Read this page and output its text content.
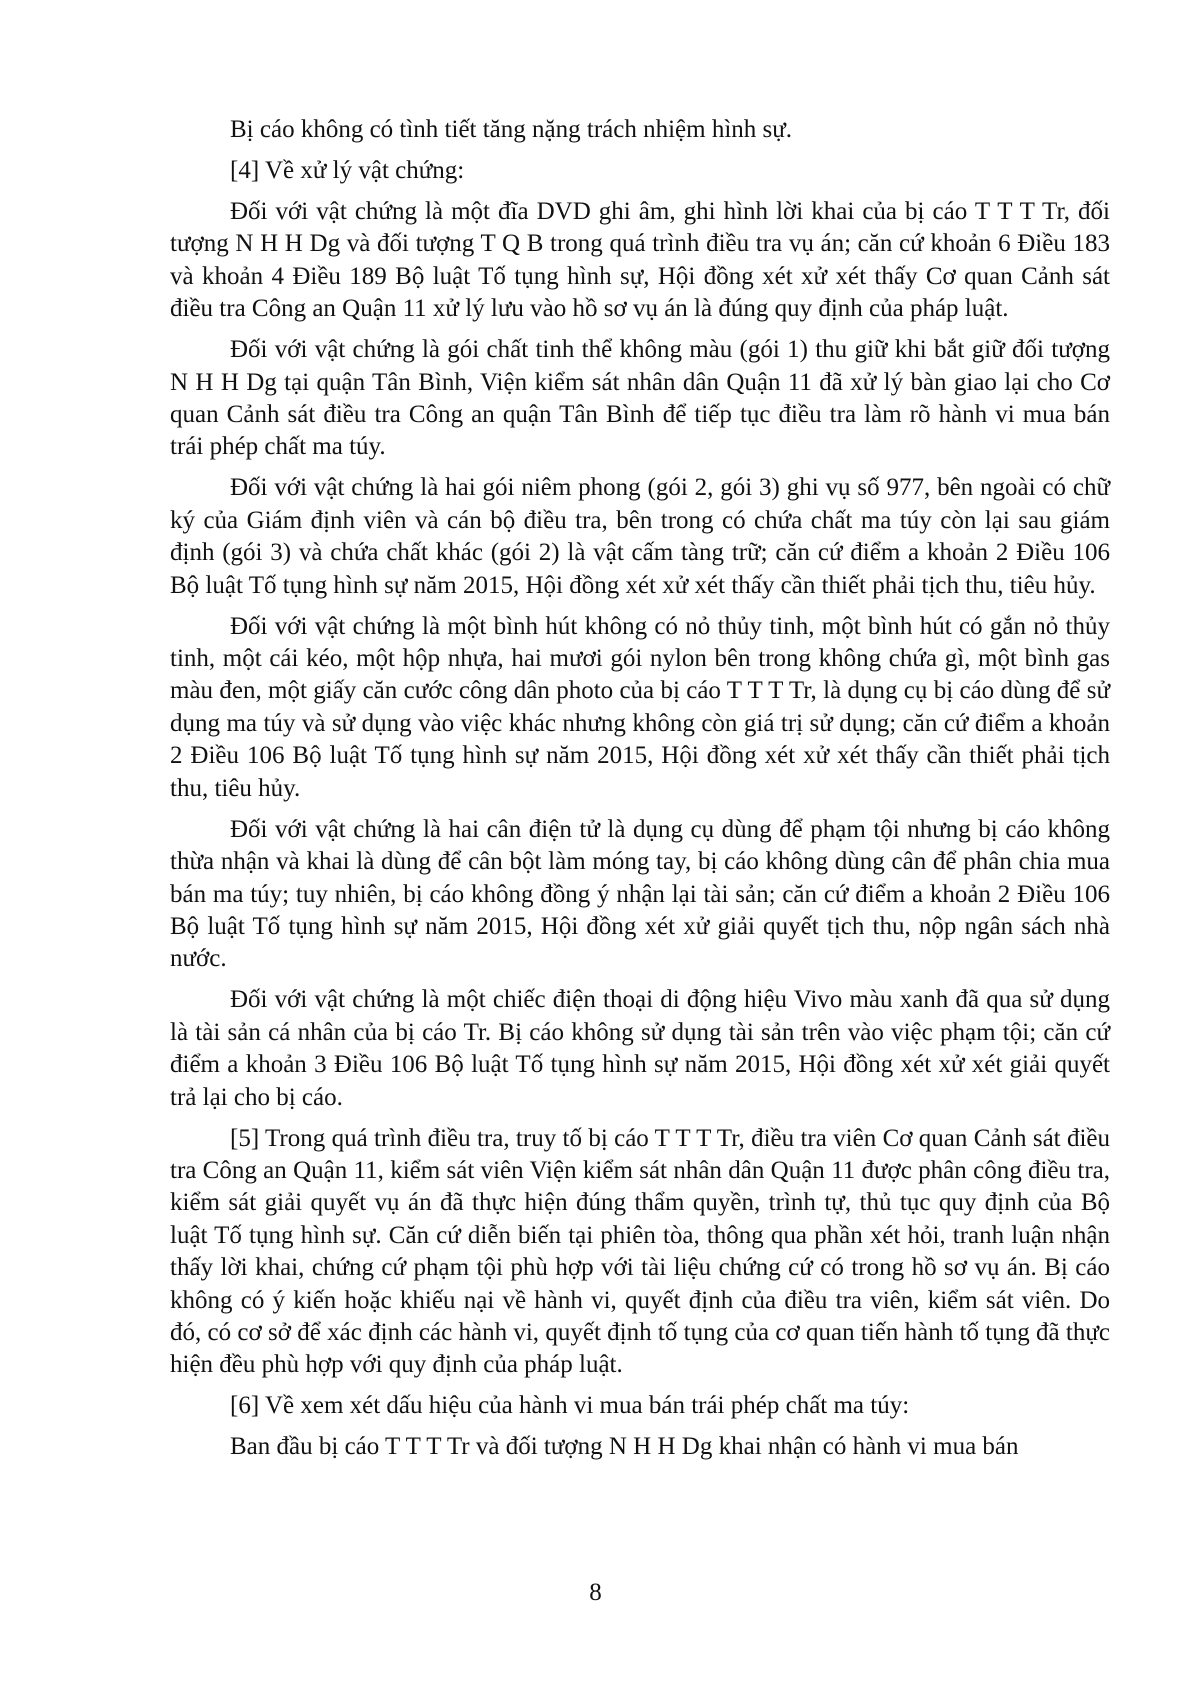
Bị cáo không có tình tiết tăng nặng trách nhiệm hình sự.

[4] Về xử lý vật chứng:

Đối với vật chứng là một đĩa DVD ghi âm, ghi hình lời khai của bị cáo T T T Tr, đối tượng N H H Dg và đối tượng T Q B trong quá trình điều tra vụ án; căn cứ khoản 6 Điều 183 và khoản 4 Điều 189 Bộ luật Tố tụng hình sự, Hội đồng xét xử xét thấy Cơ quan Cảnh sát điều tra Công an Quận 11 xử lý lưu vào hồ sơ vụ án là đúng quy định của pháp luật.

Đối với vật chứng là gói chất tinh thể không màu (gói 1) thu giữ khi bắt giữ đối tượng N H H Dg tại quận Tân Bình, Viện kiểm sát nhân dân Quận 11 đã xử lý bàn giao lại cho Cơ quan Cảnh sát điều tra Công an quận Tân Bình để tiếp tục điều tra làm rõ hành vi mua bán trái phép chất ma túy.

Đối với vật chứng là hai gói niêm phong (gói 2, gói 3) ghi vụ số 977, bên ngoài có chữ ký của Giám định viên và cán bộ điều tra, bên trong có chứa chất ma túy còn lại sau giám định (gói 3) và chứa chất khác (gói 2) là vật cấm tàng trữ; căn cứ điểm a khoản 2 Điều 106 Bộ luật Tố tụng hình sự năm 2015, Hội đồng xét xử xét thấy cần thiết phải tịch thu, tiêu hủy.

Đối với vật chứng là một bình hút không có nỏ thủy tinh, một bình hút có gắn nỏ thủy tinh, một cái kéo, một hộp nhựa, hai mươi gói nylon bên trong không chứa gì, một bình gas màu đen, một giấy căn cước công dân photo của bị cáo T T T Tr, là dụng cụ bị cáo dùng để sử dụng ma túy và sử dụng vào việc khác nhưng không còn giá trị sử dụng; căn cứ điểm a khoản 2 Điều 106 Bộ luật Tố tụng hình sự năm 2015, Hội đồng xét xử xét thấy cần thiết phải tịch thu, tiêu hủy.

Đối với vật chứng là hai cân điện tử là dụng cụ dùng để phạm tội nhưng bị cáo không thừa nhận và khai là dùng để cân bột làm móng tay, bị cáo không dùng cân để phân chia mua bán ma túy; tuy nhiên, bị cáo không đồng ý nhận lại tài sản; căn cứ điểm a khoản 2 Điều 106 Bộ luật Tố tụng hình sự năm 2015, Hội đồng xét xử giải quyết tịch thu, nộp ngân sách nhà nước.

Đối với vật chứng là một chiếc điện thoại di động hiệu Vivo màu xanh đã qua sử dụng là tài sản cá nhân của bị cáo Tr. Bị cáo không sử dụng tài sản trên vào việc phạm tội; căn cứ điểm a khoản 3 Điều 106 Bộ luật Tố tụng hình sự năm 2015, Hội đồng xét xử xét giải quyết trả lại cho bị cáo.

[5] Trong quá trình điều tra, truy tố bị cáo T T T Tr, điều tra viên Cơ quan Cảnh sát điều tra Công an Quận 11, kiểm sát viên Viện kiểm sát nhân dân Quận 11 được phân công điều tra, kiểm sát giải quyết vụ án đã thực hiện đúng thẩm quyền, trình tự, thủ tục quy định của Bộ luật Tố tụng hình sự. Căn cứ diễn biến tại phiên tòa, thông qua phần xét hỏi, tranh luận nhận thấy lời khai, chứng cứ phạm tội phù hợp với tài liệu chứng cứ có trong hồ sơ vụ án. Bị cáo không có ý kiến hoặc khiếu nại về hành vi, quyết định của điều tra viên, kiểm sát viên. Do đó, có cơ sở để xác định các hành vi, quyết định tố tụng của cơ quan tiến hành tố tụng đã thực hiện đều phù hợp với quy định của pháp luật.

[6] Về xem xét dấu hiệu của hành vi mua bán trái phép chất ma túy:

Ban đầu bị cáo T T T Tr và đối tượng N H H Dg khai nhận có hành vi mua bán

8
